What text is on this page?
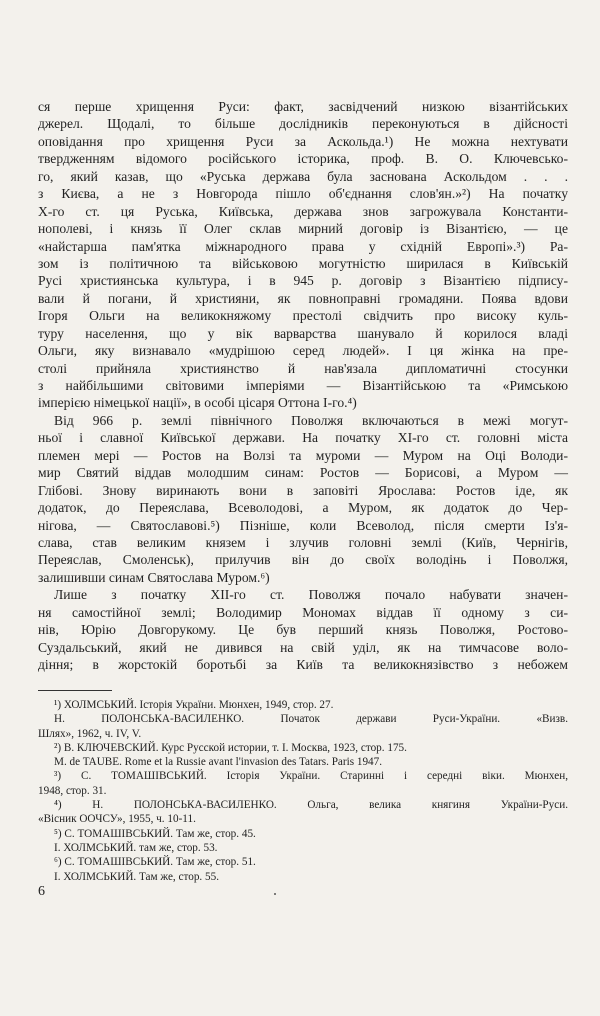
ся перше хрищення Руси: факт, засвідчений низкою візантійських
джерел. Щодалі, то більше дослідників переконуються в дійсності
оповідання про хрищення Руси за Аскольда.¹) Не можна нехтувати
твердженням відомого російського історика, проф. В. О. Ключевсько-
го, який казав, що «Руська держава була заснована Аскольдом . . .
з Києва, а не з Новгорода пішло об'єднання слов'ян.»²) На початку
Х-го ст. ця Руська, Київська, держава знов загрожувала Константи-
нополеві, і князь її Олег склав мирний договір із Візантією, — це
«найстарша пам'ятка міжнародного права у східній Европі».³) Ра-
зом із політичною та військовою могутністю ширилася в Київській
Русі християнська культура, і в 945 р. договір з Візантією підпису-
вали й погани, й християни, як повноправні громадяни. Поява вдови
Ігоря Ольги на великокняжому престолі свідчить про високу куль-
туру населення, що у вік варварства шанувало й корилося владі
Ольги, яку визнавало «мудрішою серед людей». І ця жінка на пре-
столі прийняла християнство й нав'язала дипломатичні стосунки
з найбільшими світовими імперіями — Візантійською та «Римською
імперією німецької нації», в особі цісаря Оттона І-го.⁴)
Від 966 р. землі північного Поволжя включаються в межі могут-
ньої і славної Київської держави. На початку ХІ-го ст. головні міста
племен мері — Ростов на Волзі та муроми — Муром на Оці Володи-
мир Святий віддав молодшим синам: Ростов — Борисові, а Муром —
Глібові. Знову виринають вони в заповіті Ярослава: Ростов іде, як
додаток, до Переяслава, Всеволодові, а Муром, як додаток до Чер-
нігова, — Святославові.⁵) Пізніше, коли Всеволод, після смерти Із'я-
слава, став великим князем і злучив головні землі (Київ, Чернігів,
Переяслав, Смоленськ), прилучив він до своїх володінь і Поволжя,
залишивши синам Святослава Муром.⁶)
Лише з початку ХІІ-го ст. Поволжя почало набувати значен-
ня самостійної землі; Володимир Мономах віддав її одному з си-
нів, Юрію Довгорукому. Це був перший князь Поволжя, Ростово-
Суздальський, який не дивився на свій уділ, як на тимчасове воло-
діння; в жорстокій боротьбі за Київ та великокнязівство з небожем
¹) ХОЛМСЬКИЙ. Історія України. Мюнхен, 1949, стор. 27.
Н. ПОЛОНСЬКА-ВАСИЛЕНКО. Початок держави Руси-України. «Визв.
Шлях», 1962, ч. IV, V.
²) В. КЛЮЧЕВСКИЙ. Курс Русской истории, т. I. Москва, 1923, стор. 175.
M. de TAUBE. Rome et la Russie avant l'invasion des Tatars. Paris 1947.
³) С. ТОМАШІВСЬКИЙ. Історія України. Старинні і середні віки. Мюнхен,
1948, стор. 31.
⁴) Н. ПОЛОНСЬКА-ВАСИЛЕНКО. Ольга, велика княгиня України-Руси.
«Вісник ООЧСУ», 1955, ч. 10-11.
⁵) С. ТОМАШІВСЬКИЙ. Там же, стор. 45.
І. ХОЛМСЬКИЙ. там же, стор. 53.
⁶) С. ТОМАШІВСЬКИЙ. Там же, стор. 51.
І. ХОЛМСЬКИЙ. Там же, стор. 55.
6
